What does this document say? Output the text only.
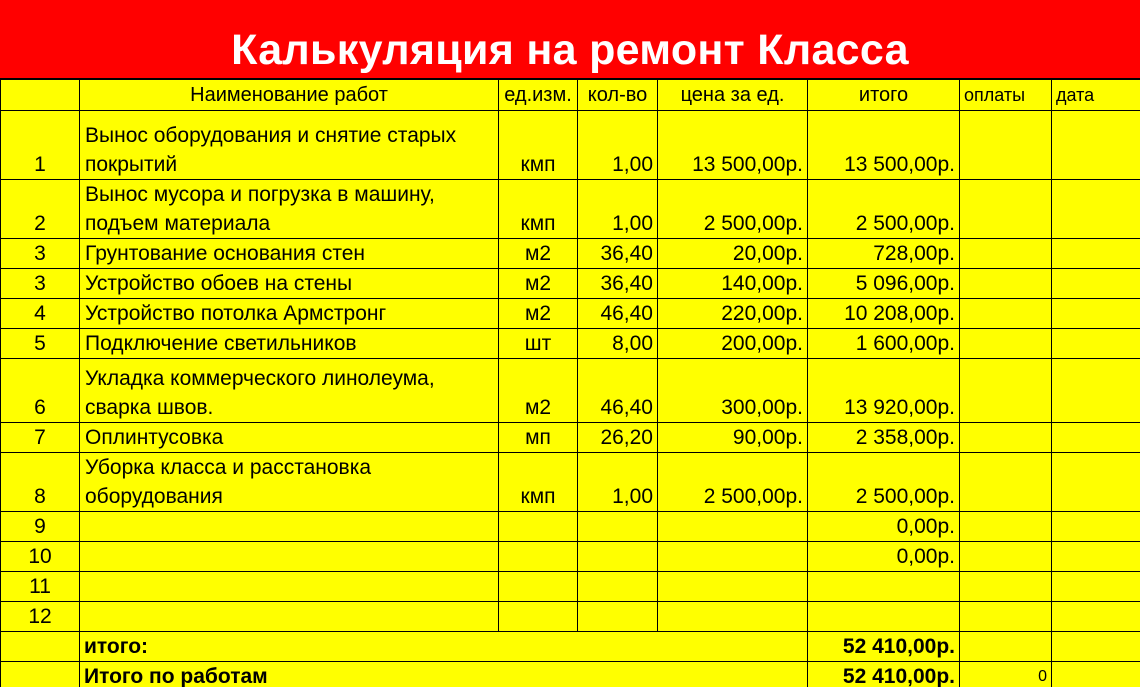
Калькуляция на ремонт Класса
	Наименование работ	ед.изм.	кол-во	цена за ед.	итого	оплаты	дата
1	Вынос оборудования и снятие старых покрытий	кмп	1,00	13 500,00р.	13 500,00р.		
2	Вынос мусора и погрузка в машину, подъем материала	кмп	1,00	2 500,00р.	2 500,00р.		
3	Грунтование основания стен	м2	36,40	20,00р.	728,00р.		
3	Устройство обоев на стены	м2	36,40	140,00р.	5 096,00р.		
4	Устройство потолка Армстронг	м2	46,40	220,00р.	10 208,00р.		
5	Подключение светильников	шт	8,00	200,00р.	1 600,00р.		
6	Укладка коммерческого линолеума, сварка швов.	м2	46,40	300,00р.	13 920,00р.		
7	Оплинтусовка	мп	26,20	90,00р.	2 358,00р.		
8	Уборка класса и расстановка оборудования	кмп	1,00	2 500,00р.	2 500,00р.		
9					0,00р.		
10					0,00р.		
11							
12							
	итого:				52 410,00р.		
	Итого по работам				52 410,00р.	0	
